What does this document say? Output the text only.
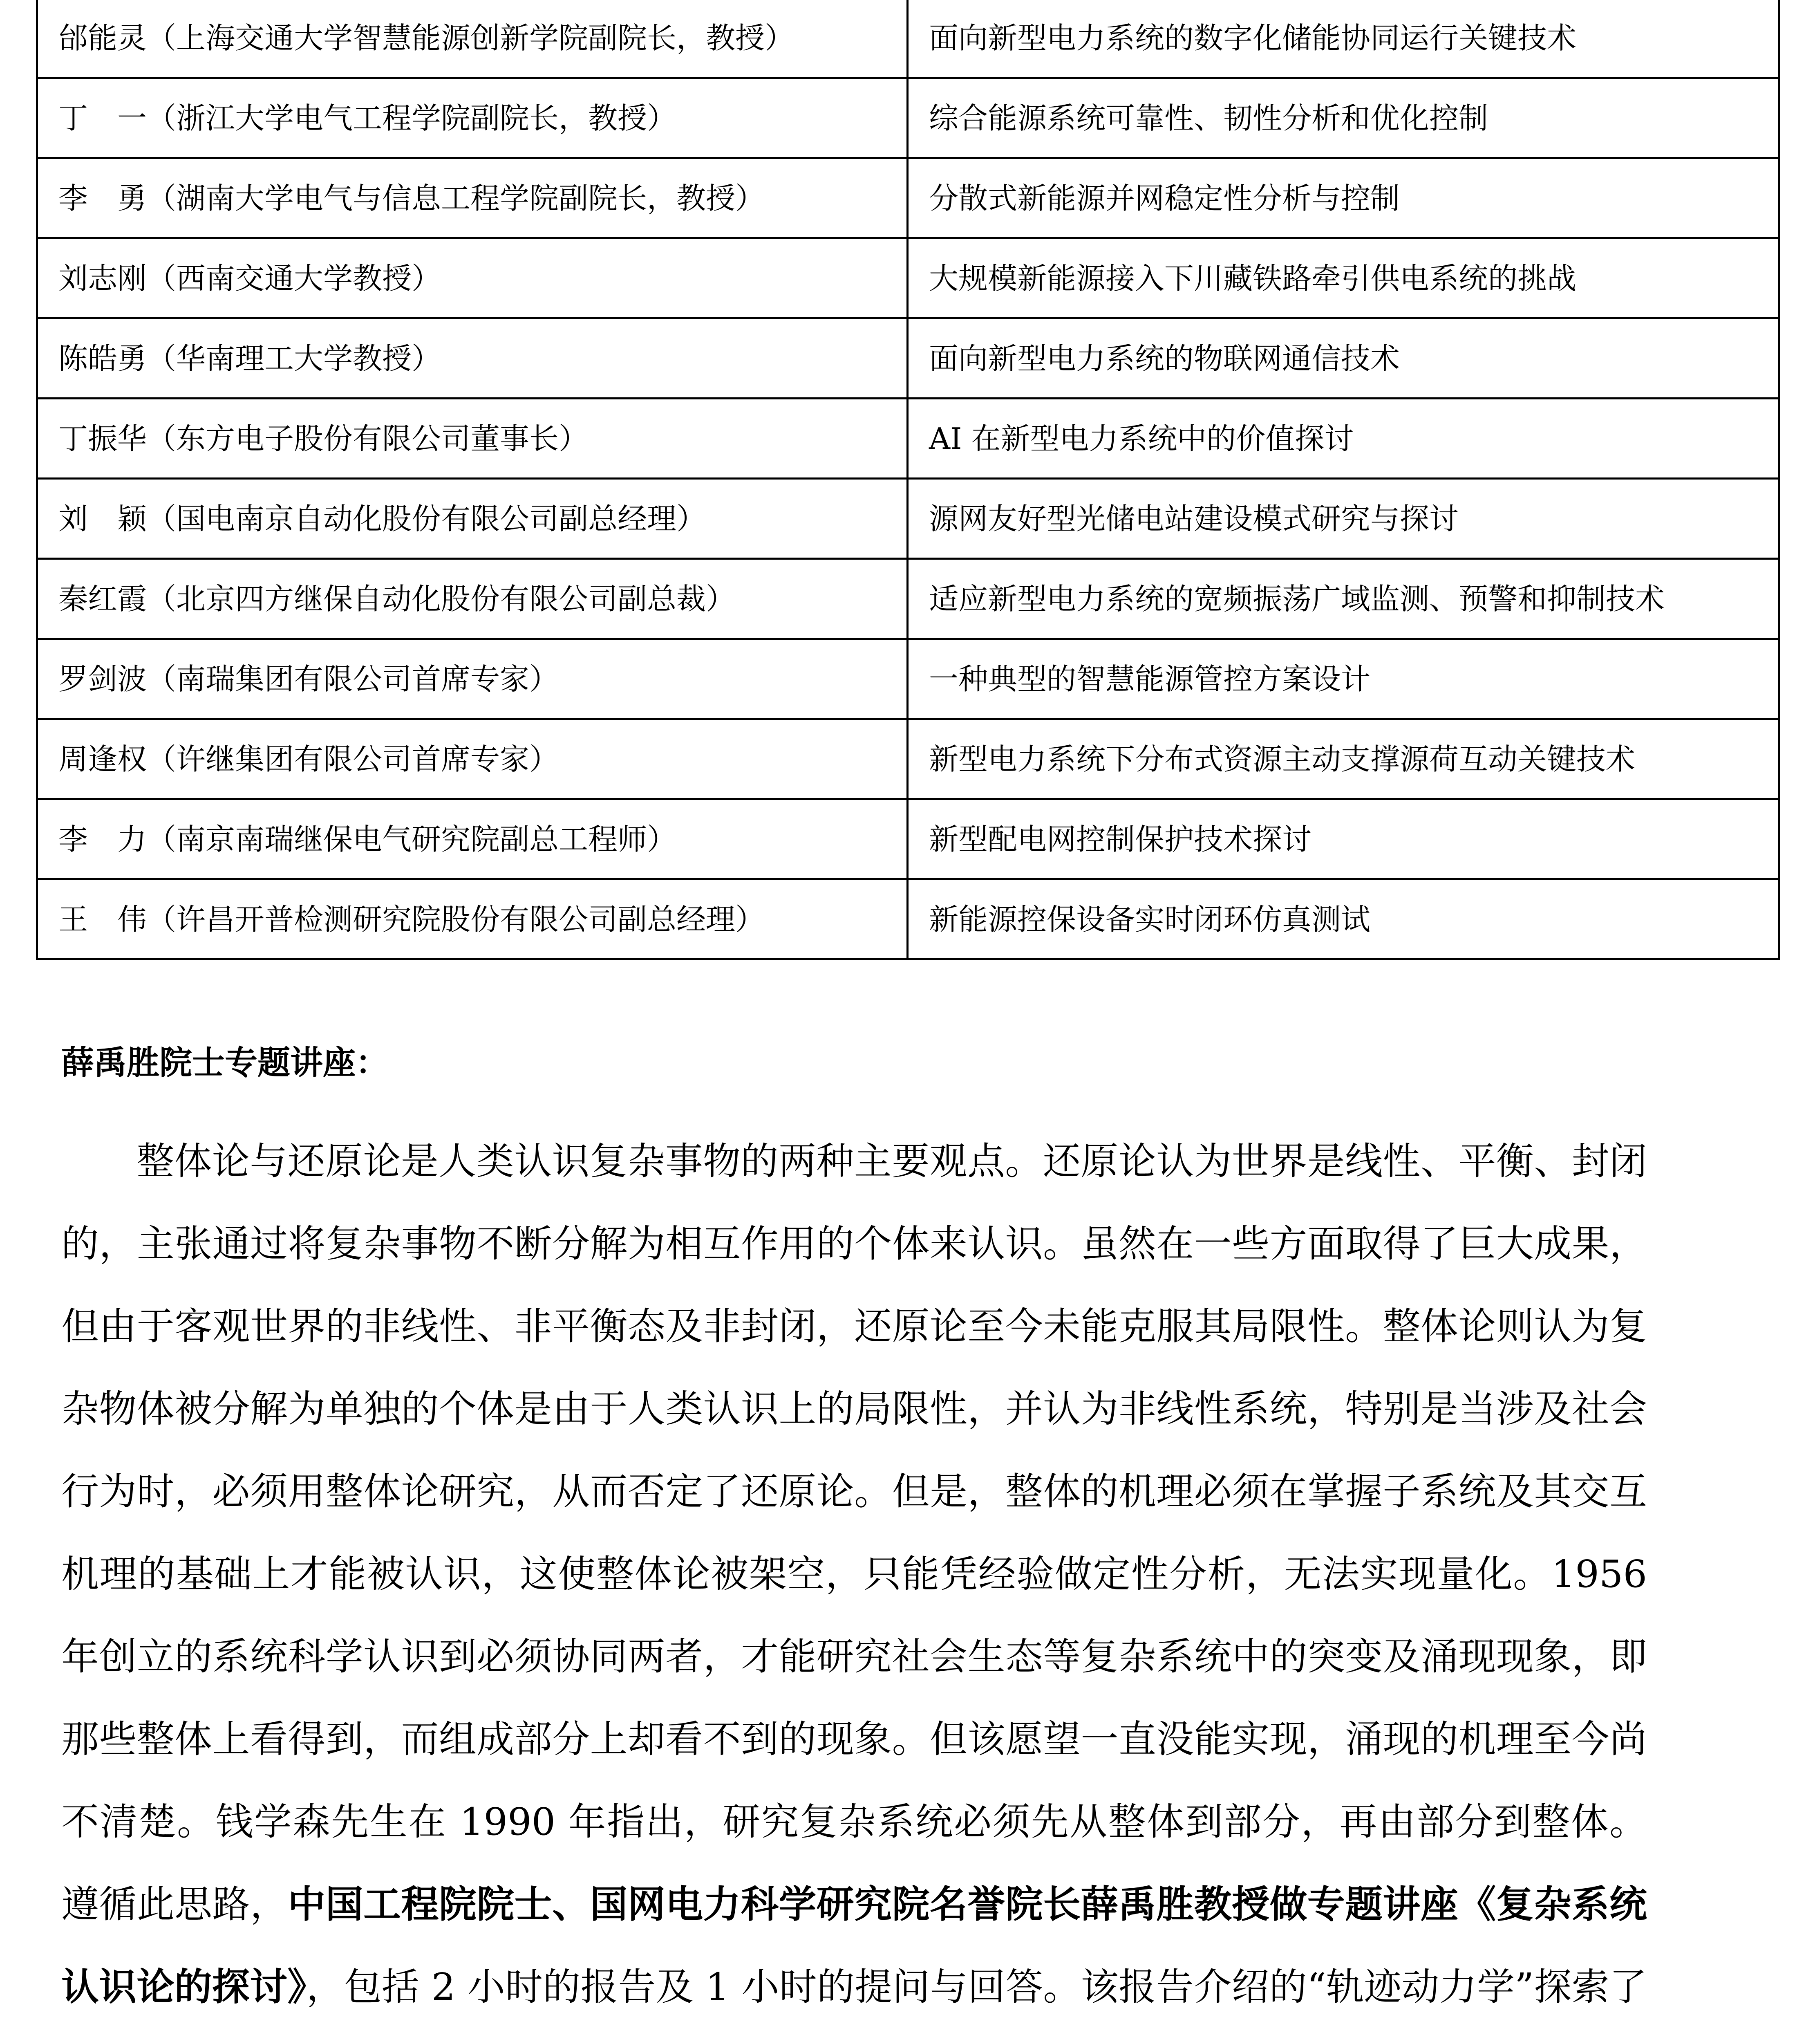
邰能灵（上海交通大学智慧能源创新学院副院长，教授）	面向新型电力系统的数字化储能协同运行关键技术
丁　一（浙江大学电气工程学院副院长，教授）	综合能源系统可靠性、韧性分析和优化控制
李　勇（湖南大学电气与信息工程学院副院长，教授）	分散式新能源并网稳定性分析与控制
刘志刚（西南交通大学教授）	大规模新能源接入下川藏铁路牵引供电系统的挑战
陈皓勇（华南理工大学教授）	面向新型电力系统的物联网通信技术
丁振华（东方电子股份有限公司董事长）	AI 在新型电力系统中的价值探讨
刘　颖（国电南京自动化股份有限公司副总经理）	源网友好型光储电站建设模式研究与探讨
秦红霞（北京四方继保自动化股份有限公司副总裁）	适应新型电力系统的宽频振荡广域监测、预警和抑制技术
罗剑波（南瑞集团有限公司首席专家）	一种典型的智慧能源管控方案设计
周逢权（许继集团有限公司首席专家）	新型电力系统下分布式资源主动支撑源荷互动关键技术
李　力（南京南瑞继保电气研究院副总工程师）	新型配电网控制保护技术探讨
王　伟（许昌开普检测研究院股份有限公司副总经理）	新能源控保设备实时闭环仿真测试
薛禹胜院士专题讲座：

整体论与还原论是人类认识复杂事物的两种主要观点。还原论认为世界是线性、平衡、封闭的，主张通过将复杂事物不断分解为相互作用的个体来认识。虽然在一些方面取得了巨大成果，但由于客观世界的非线性、非平衡态及非封闭，还原论至今未能克服其局限性。整体论则认为复杂物体被分解为单独的个体是由于人类认识上的局限性，并认为非线性系统，特别是当涉及社会行为时，必须用整体论研究，从而否定了还原论。但是，整体的机理必须在掌握子系统及其交互机理的基础上才能被认识，这使整体论被架空，只能凭经验做定性分析，无法实现量化。1956 年创立的系统科学认识到必须协同两者，才能研究社会生态等复杂系统中的突变及涌现现象，即那些整体上看得到，而组成部分上却看不到的现象。但该愿望一直没能实现，涌现的机理至今尚不清楚。钱学森先生在 1990 年指出，研究复杂系统必须先从整体到部分，再由部分到整体。遵循此思路，中国工程院院士、国网电力科学研究院名誉院长薛禹胜教授做专题讲座《复杂系统认识论的探讨》，包括 2 小时的报告及 1 小时的提问与回答。该报告介绍的“轨迹动力学”探索了
